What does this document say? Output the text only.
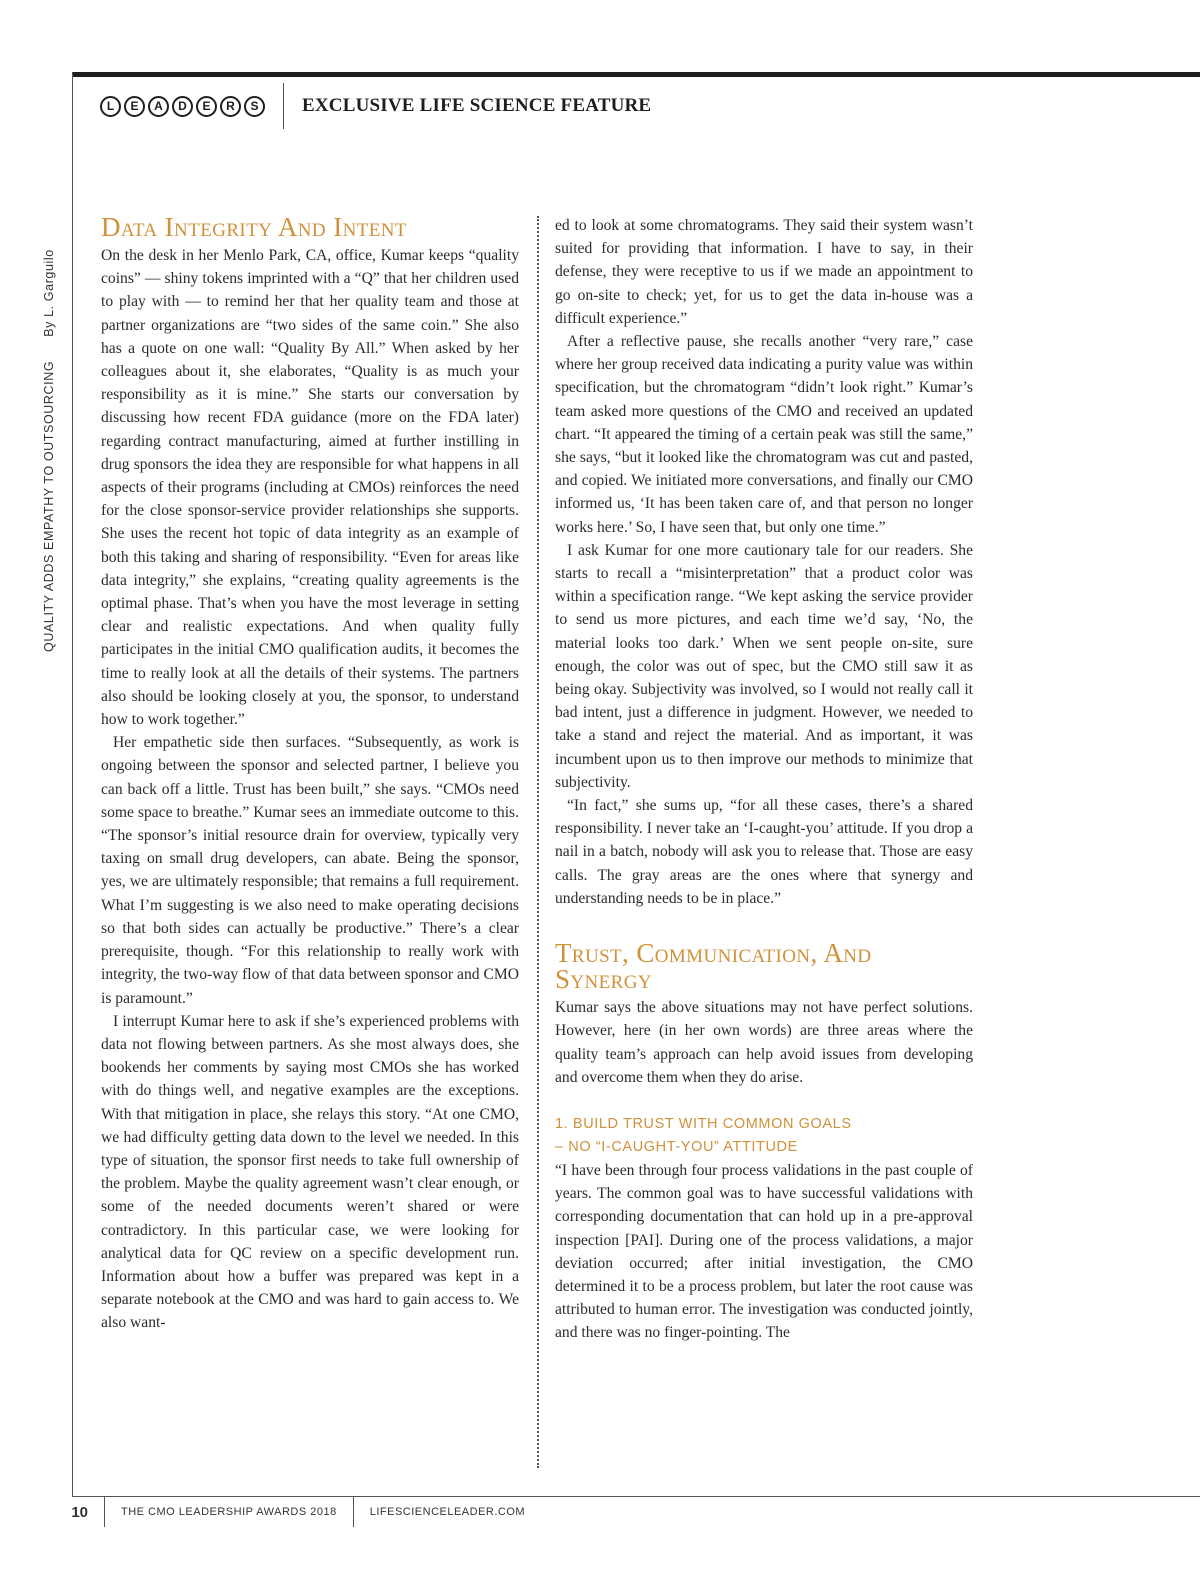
L	E	A	D	E	R	S	EXCLUSIVE LIFE SCIENCE FEATURE
QUALITY ADDS EMPATHY TO OUTSOURCING
By L. Garguilo
Data Integrity And Intent

On the desk in her Menlo Park, CA, office, Kumar keeps “quality coins” — shiny tokens imprinted with a “Q” that her children used to play with — to remind her that her quality team and those at partner organizations are “two sides of the same coin.” She also has a quote on one wall: “Quality By All.” When asked by her colleagues about it, she elaborates, “Quality is as much your responsibility as it is mine.” She starts our conversation by discussing how recent FDA guidance (more on the FDA later) regarding contract manufacturing, aimed at further instilling in drug sponsors the idea they are responsible for what happens in all aspects of their programs (including at CMOs) reinforces the need for the close sponsor-service provider relationships she supports. She uses the recent hot topic of data integrity as an example of both this taking and sharing of responsibility. “Even for areas like data integrity,” she explains, “creating quality agreements is the optimal phase. That’s when you have the most leverage in setting clear and realistic expectations. And when quality fully participates in the initial CMO qualification audits, it becomes the time to really look at all the details of their systems. The partners also should be looking closely at you, the sponsor, to understand how to work together.”

Her empathetic side then surfaces. “Subsequently, as work is ongoing between the sponsor and selected partner, I believe you can back off a little. Trust has been built,” she says. “CMOs need some space to breathe.” Kumar sees an immediate outcome to this. “The sponsor’s initial resource drain for overview, typically very taxing on small drug developers, can abate. Being the sponsor, yes, we are ultimately responsible; that remains a full requirement. What I’m suggesting is we also need to make operating decisions so that both sides can actually be productive.” There’s a clear prerequisite, though. “For this relationship to really work with integrity, the two-way flow of that data between sponsor and CMO is paramount.”

I interrupt Kumar here to ask if she’s experienced problems with data not flowing between partners. As she most always does, she bookends her comments by saying most CMOs she has worked with do things well, and negative examples are the exceptions. With that mitigation in place, she relays this story. “At one CMO, we had difficulty getting data down to the level we needed. In this type of situation, the sponsor first needs to take full ownership of the problem. Maybe the quality agreement wasn’t clear enough, or some of the needed documents weren’t shared or were contradictory. In this particular case, we were looking for analytical data for QC review on a specific development run. Information about how a buffer was prepared was kept in a separate notebook at the CMO and was hard to gain access to. We also want-

ed to look at some chromatograms. They said their system wasn’t suited for providing that information. I have to say, in their defense, they were receptive to us if we made an appointment to go on-site to check; yet, for us to get the data in-house was a difficult experience.”

After a reflective pause, she recalls another “very rare,” case where her group received data indicating a purity value was within specification, but the chromatogram “didn’t look right.” Kumar’s team asked more questions of the CMO and received an updated chart. “It appeared the timing of a certain peak was still the same,” she says, “but it looked like the chromatogram was cut and pasted, and copied. We initiated more conversations, and finally our CMO informed us, ‘It has been taken care of, and that person no longer works here.’ So, I have seen that, but only one time.”

I ask Kumar for one more cautionary tale for our readers. She starts to recall a “misinterpretation” that a product color was within a specification range. “We kept asking the service provider to send us more pictures, and each time we’d say, ‘No, the material looks too dark.’ When we sent people on-site, sure enough, the color was out of spec, but the CMO still saw it as being okay. Subjectivity was involved, so I would not really call it bad intent, just a difference in judgment. However, we needed to take a stand and reject the material. And as important, it was incumbent upon us to then improve our methods to minimize that subjectivity.

“In fact,” she sums up, “for all these cases, there’s a shared responsibility. I never take an ‘I-caught-you’ attitude. If you drop a nail in a batch, nobody will ask you to release that. Those are easy calls. The gray areas are the ones where that synergy and understanding needs to be in place.”

Trust, Communication, And Synergy

Kumar says the above situations may not have perfect solutions. However, here (in her own words) are three areas where the quality team’s approach can help avoid issues from developing and overcome them when they do arise.

1. BUILD TRUST WITH COMMON GOALS
– NO “I-CAUGHT-YOU” ATTITUDE

“I have been through four process validations in the past couple of years. The common goal was to have successful validations with corresponding documentation that can hold up in a pre-approval inspection [PAI]. During one of the process validations, a major deviation occurred; after initial investigation, the CMO determined it to be a process problem, but later the root cause was attributed to human error. The investigation was conducted jointly, and there was no finger-pointing. The

10	THE CMO LEADERSHIP AWARDS 2018	LIFESCIENCELEADER.COM
